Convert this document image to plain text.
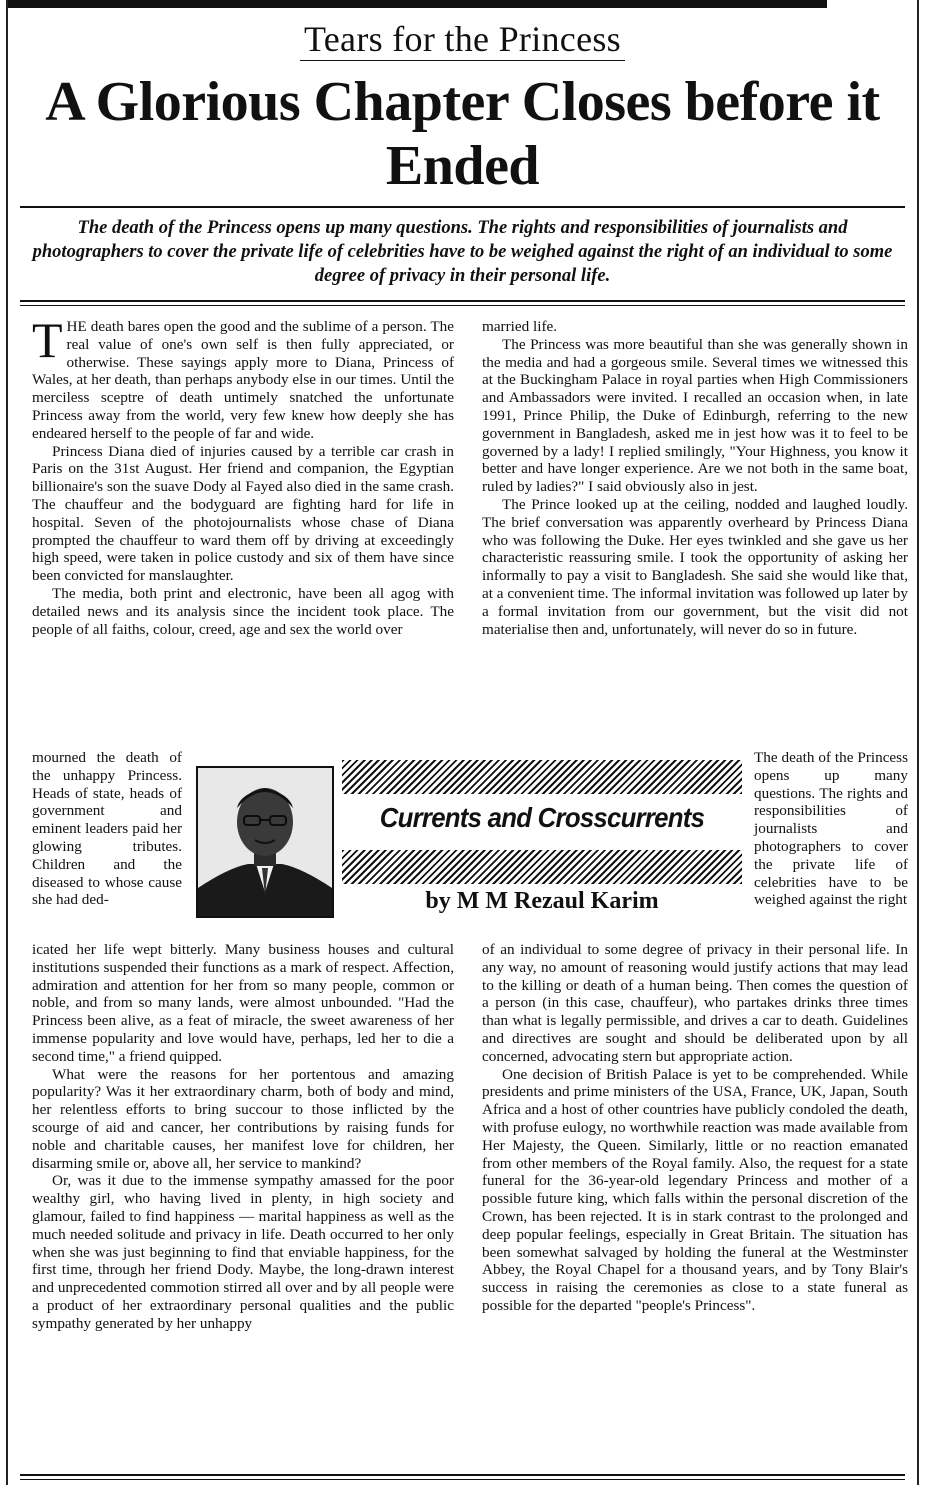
Tears for the Princess
A Glorious Chapter Closes before it Ended
The death of the Princess opens up many questions. The rights and responsibilities of journalists and photographers to cover the private life of celebrities have to be weighed against the right of an individual to some degree of privacy in their personal life.

THE death bares open the good and the sublime of a person. The real value of one's own self is then fully appreciated, or otherwise. These sayings apply more to Diana, Princess of Wales, at her death, than perhaps anybody else in our times. Until the merciless sceptre of death untimely snatched the unfortunate Princess away from the world, very few knew how deeply she has endeared herself to the people of far and wide.

Princess Diana died of injuries caused by a terrible car crash in Paris on the 31st August. Her friend and companion, the Egyptian billionaire's son the suave Dody al Fayed also died in the same crash. The chauffeur and the bodyguard are fighting hard for life in hospital. Seven of the photojournalists whose chase of Diana prompted the chauffeur to ward them off by driving at exceedingly high speed, were taken in police custody and six of them have since been convicted for manslaughter.

The media, both print and electronic, have been all agog with detailed news and its analysis since the incident took place. The people of all faiths, colour, creed, age and sex the world over

mourned the death of the unhappy Princess. Heads of state, heads of government and eminent leaders paid her glowing tributes. Children and the diseased to whose cause she had ded-

Currents and Crosscurrents
by M M Rezaul Karim

icated her life wept bitterly. Many business houses and cultural institutions suspended their functions as a mark of respect. Affection, admiration and attention for her from so many people, common or noble, and from so many lands, were almost unbounded. "Had the Princess been alive, as a feat of miracle, the sweet awareness of her immense popularity and love would have, perhaps, led her to die a second time," a friend quipped.

What were the reasons for her portentous and amazing popularity? Was it her extraordinary charm, both of body and mind, her relentless efforts to bring succour to those inflicted by the scourge of aid and cancer, her contributions by raising funds for noble and charitable causes, her manifest love for children, her disarming smile or, above all, her service to mankind?

Or, was it due to the immense sympathy amassed for the poor wealthy girl, who having lived in plenty, in high society and glamour, failed to find happiness — marital happiness as well as the much needed solitude and privacy in life. Death occurred to her only when she was just beginning to find that enviable happiness, for the first time, through her friend Dody. Maybe, the long-drawn interest and unprecedented commotion stirred all over and by all people were a product of her extraordinary personal qualities and the public sympathy generated by her unhappy

married life.

The Princess was more beautiful than she was generally shown in the media and had a gorgeous smile. Several times we witnessed this at the Buckingham Palace in royal parties when High Commissioners and Ambassadors were invited. I recalled an occasion when, in late 1991, Prince Philip, the Duke of Edinburgh, referring to the new government in Bangladesh, asked me in jest how was it to feel to be governed by a lady! I replied smilingly, "Your Highness, you know it better and have longer experience. Are we not both in the same boat, ruled by ladies?" I said obviously also in jest.

The Prince looked up at the ceiling, nodded and laughed loudly. The brief conversation was apparently overheard by Princess Diana who was following the Duke. Her eyes twinkled and she gave us her characteristic reassuring smile. I took the opportunity of asking her informally to pay a visit to Bangladesh. She said she would like that, at a convenient time. The informal invitation was followed up later by a formal invitation from our government, but the visit did not materialise then and, unfortunately, will never do so in future.

The death of the Princess opens up many questions. The rights and responsibilities of journalists and photographers to cover the private life of celebrities have to be weighed against the right

of an individual to some degree of privacy in their personal life. In any way, no amount of reasoning would justify actions that may lead to the killing or death of a human being. Then comes the question of a person (in this case, chauffeur), who partakes drinks three times than what is legally permissible, and drives a car to death. Guidelines and directives are sought and should be deliberated upon by all concerned, advocating stern but appropriate action.

One decision of British Palace is yet to be comprehended. While presidents and prime ministers of the USA, France, UK, Japan, South Africa and a host of other countries have publicly condoled the death, with profuse eulogy, no worthwhile reaction was made available from Her Majesty, the Queen. Similarly, little or no reaction emanated from other members of the Royal family. Also, the request for a state funeral for the 36-year-old legendary Princess and mother of a possible future king, which falls within the personal discretion of the Crown, has been rejected. It is in stark contrast to the prolonged and deep popular feelings, especially in Great Britain. The situation has been somewhat salvaged by holding the funeral at the Westminster Abbey, the Royal Chapel for a thousand years, and by Tony Blair's success in raising the ceremonies as close to a state funeral as possible for the departed "people's Princess".
